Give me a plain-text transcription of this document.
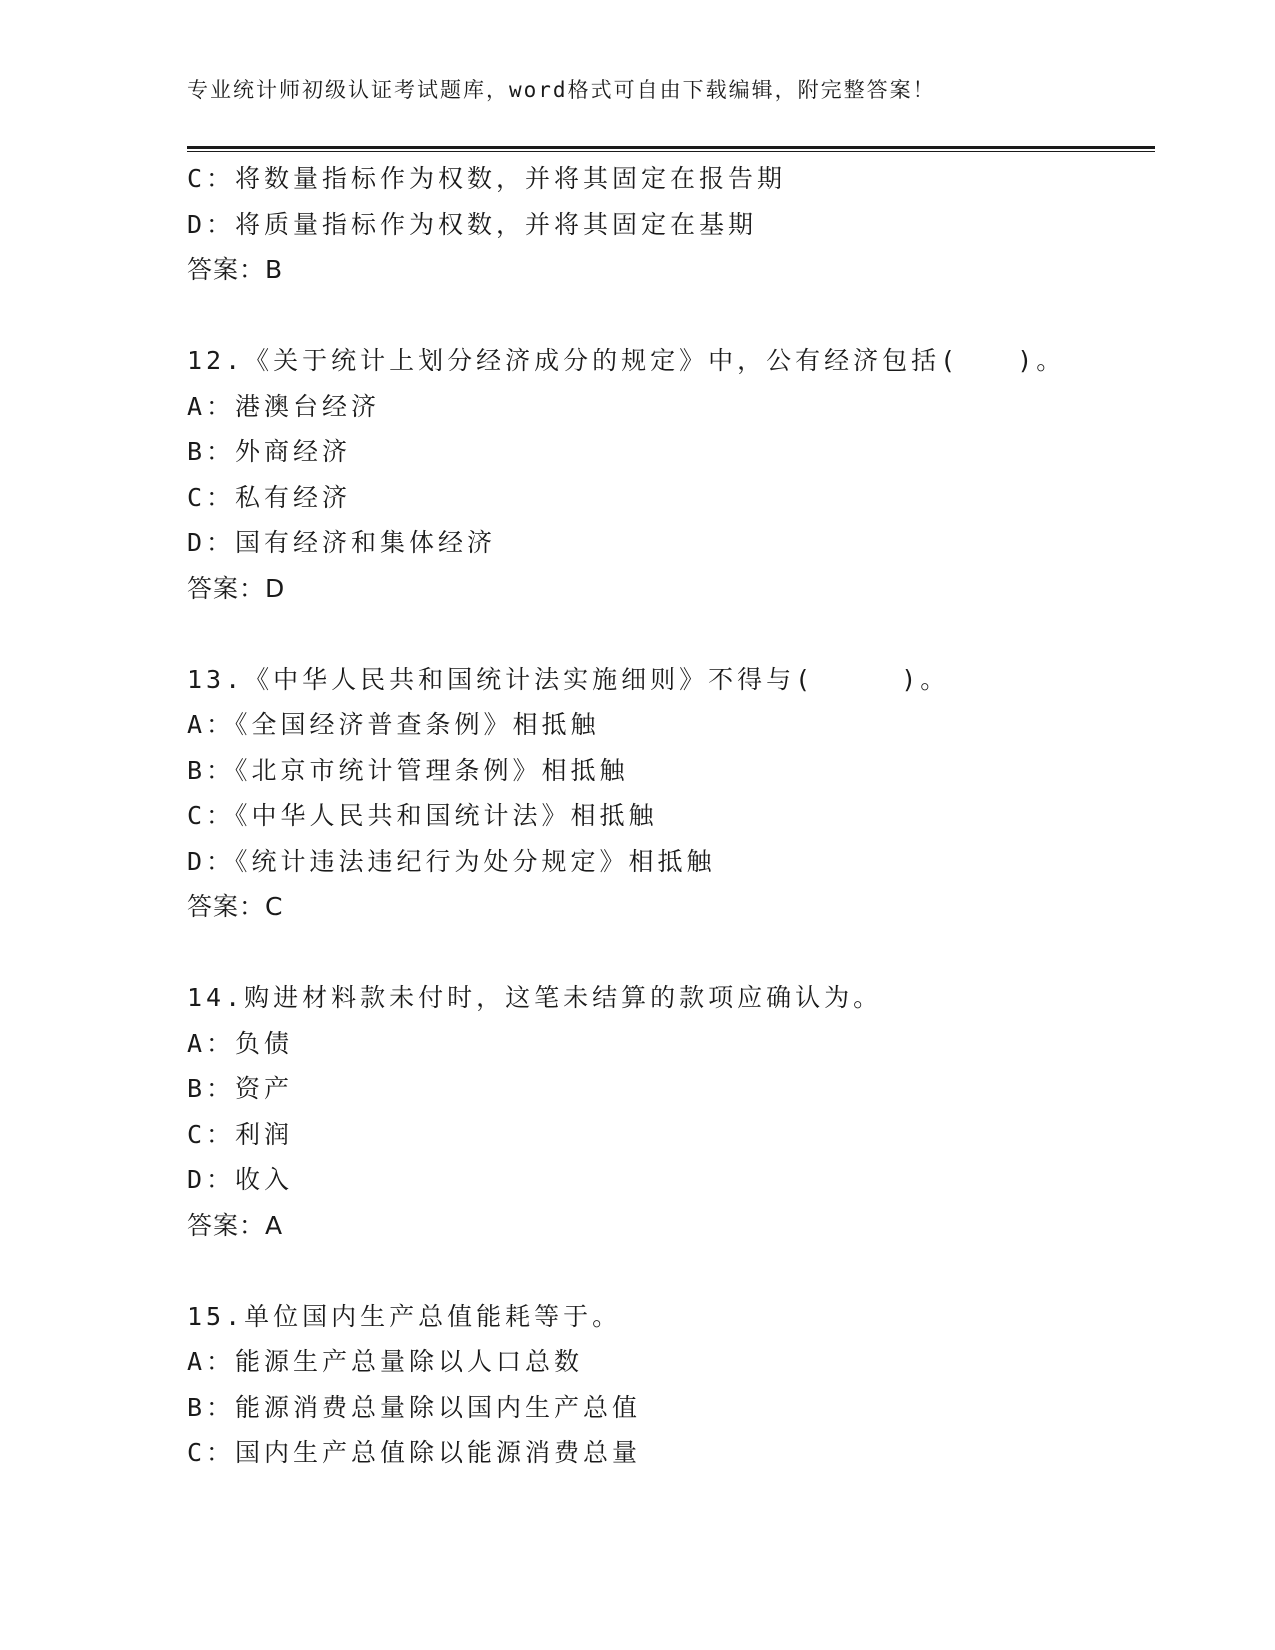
专业统计师初级认证考试题库，word格式可自由下载编辑，附完整答案！
C：将数量指标作为权数，并将其固定在报告期
D：将质量指标作为权数，并将其固定在基期
答案：B
12.《关于统计上划分经济成分的规定》中，公有经济包括(　　)。
A：港澳台经济
B：外商经济
C：私有经济
D：国有经济和集体经济
答案：D
13.《中华人民共和国统计法实施细则》不得与(　　　)。
A：《全国经济普查条例》相抵触
B：《北京市统计管理条例》相抵触
C：《中华人民共和国统计法》相抵触
D：《统计违法违纪行为处分规定》相抵触
答案：C
14.购进材料款未付时，这笔未结算的款项应确认为。
A：负债
B：资产
C：利润
D：收入
答案：A
15.单位国内生产总值能耗等于。
A：能源生产总量除以人口总数
B：能源消费总量除以国内生产总值
C：国内生产总值除以能源消费总量
